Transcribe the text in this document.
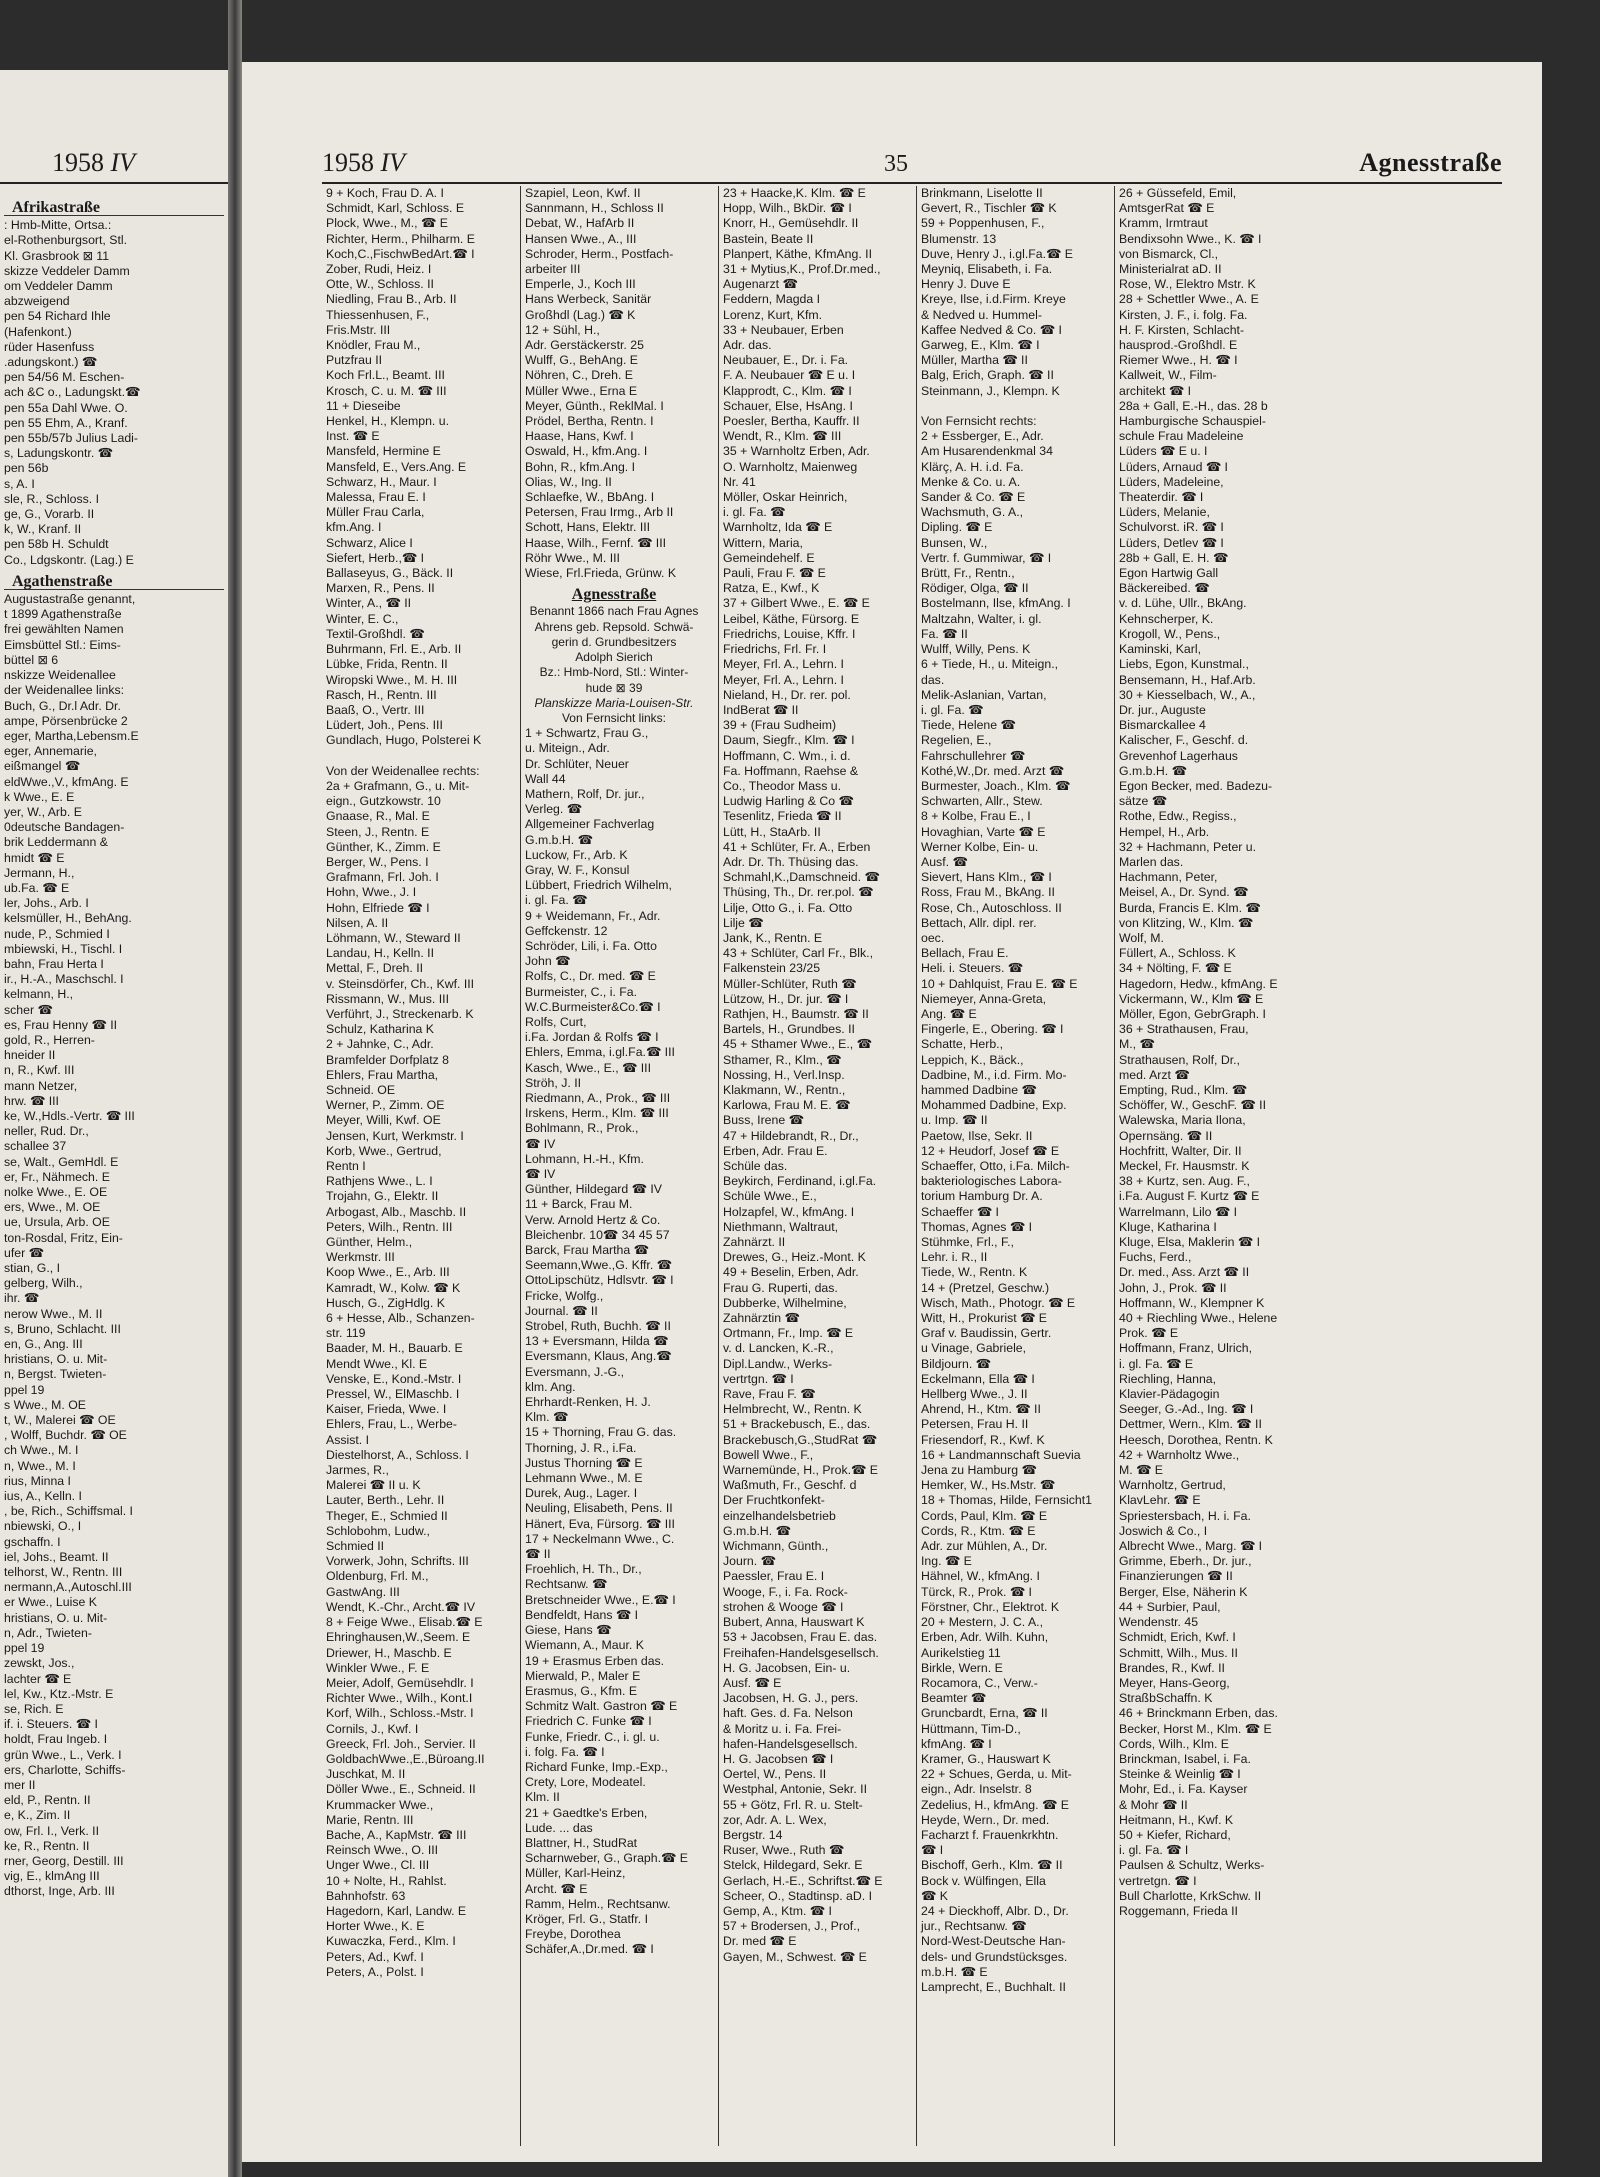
1958 IV
Afrikastraße
: Hmb-Mitte, Ortsa.:
el-Rothenburgsort, Stl.
Kl. Grasbrook ⊠ 11
skizze Veddeler Damm
om Veddeler Damm
abzweigend
pen 54 Richard Ihle
(Hafenkont.)
rüder Hasenfuss
.adungskont.) ☎
pen 54/56 M. Eschen-
ach &C o., Ladungskt.☎
pen 55a Dahl Wwe. O.
pen 55 Ehm, A., Kranf.
pen 55b/57b Julius Ladi-
s, Ladungskontr. ☎
pen 56b
s, A. I
sle, R., Schloss. I
ge, G., Vorarb. II
k, W., Kranf. II
pen 58b H. Schuldt
Co., Ldgskontr. (Lag.) E
Agathenstraße
Augustastraße genannt,
t 1899 Agathenstraße
frei gewählten Namen
Eimsbüttel Stl.: Eims-
büttel ⊠ 6
nskizze Weidenallee
der Weidenallee links:
Buch, G., Dr.l Adr. Dr.
ampe, Pörsenbrücke 2
eger, Martha,Lebensm.E
eger, Annemarie,
eißmangel ☎
eldWwe.,V., kfmAng. E
k Wwe., E. E
yer, W., Arb. E
0deutsche Bandagen-
brik Leddermann &
hmidt ☎ E
Jermann, H.,
ub.Fa. ☎ E
ler, Johs., Arb. I
kelsmüller, H., BehAng.
nude, P., Schmied I
mbiewski, H., Tischl. I
bahn, Frau Herta I
ir., H.-A., Maschschl. I
kelmann, H.,
scher ☎
es, Frau Henny ☎ II
gold, R., Herren-
hneider II
n, R., Kwf. III
mann Netzer,
hrw. ☎ III
ke, W.,Hdls.-Vertr. ☎ III
neller, Rud. Dr.,
schallee 37
se, Walt., GemHdl. E
er, Fr., Nähmech. E
nolke Wwe., E. OE
ers, Wwe., M. OE
ue, Ursula, Arb. OE
ton-Rosdal, Fritz, Ein-
ufer ☎
stian, G., I
gelberg, Wilh.,
ihr. ☎
nerow Wwe., M. II
s, Bruno, Schlacht. III
en, G., Ang. III
hristians, O. u. Mit-
n, Bergst. Twieten-
ppel 19
s Wwe., M. OE
t, W., Malerei ☎ OE
, Wolff, Buchdr. ☎ OE
ch Wwe., M. I
n, Wwe., M. I
rius, Minna I
ius, A., Kelln. I
, be, Rich., Schiffsmal. I
nbiewski, O., I
gschaffn. I
iel, Johs., Beamt. II
telhorst, W., Rentn. III
nermann,A.,Autoschl.III
er Wwe., Luise K
hristians, O. u. Mit-
n, Adr., Twieten-
ppel 19
zewskt, Jos.,
lachter ☎ E
lel, Kw., Ktz.-Mstr. E
se, Rich. E
if. i. Steuers. ☎ I
holdt, Frau Ingeb. I
grün Wwe., L., Verk. I
ers, Charlotte, Schiffs-
mer II
eld, P., Rentn. II
e, K., Zim. II
ow, Frl. I., Verk. II
ke, R., Rentn. II
rner, Georg, Destill. III
vig, E., klmAng III
dthorst, Inge, Arb. III
1958 IV	35	Agnesstraße
9 + Koch, Frau D. A. I
Schmidt, Karl, Schloss. E
Plock, Wwe., M., ☎ E
Richter, Herm., Philharm. E
Koch,C.,FischwBedArt.☎ I
Zober, Rudi, Heiz. I
Otte, W., Schloss. II
Niedling, Frau B., Arb. II
Thiessenhusen, F.,
Fris.Mstr. III
Knödler, Frau M.,
Putzfrau II
Koch Frl.L., Beamt. III
Krosch, C. u. M. ☎ III
11 + Dieseibe
Henkel, H., Klempn. u.
Inst. ☎ E
Mansfeld, Hermine E
Mansfeld, E., Vers.Ang. E
Schwarz, H., Maur. I
Malessa, Frau E. I
Müller Frau Carla,
kfm.Ang. I
Schwarz, Alice I
Siefert, Herb.,☎ I
Ballaseyus, G., Bäck. II
Marxen, R., Pens. II
Winter, A., ☎ II
Winter, E. C.,
Textil-Großhdl. ☎
Buhrmann, Frl. E., Arb. II
Lübke, Frida, Rentn. II
Wiropski Wwe., M. H. III
Rasch, H., Rentn. III
Baaß, O., Vertr. III
Lüdert, Joh., Pens. III
Gundlach, Hugo, Polsterei K

Von der Weidenallee rechts:
2a + Grafmann, G., u. Mit-
eign., Gutzkowstr. 10
Gnaase, R., Mal. E
Steen, J., Rentn. E
Günther, K., Zimm. E
Berger, W., Pens. I
Grafmann, Frl. Joh. I
Hohn, Wwe., J. I
Hohn, Elfriede ☎ I
Nilsen, A. II
Löhmann, W., Steward II
Landau, H., Kelln. II
Mettal, F., Dreh. II
v. Steinsdörfer, Ch., Kwf. III
Rissmann, W., Mus. III
Verführt, J., Streckenarb. K
Schulz, Katharina K
2 + Jahnke, C., Adr.
Bramfelder Dorfplatz 8
Ehlers, Frau Martha,
Schneid. OE
Werner, P., Zimm. OE
Meyer, Willi, Kwf. OE
Jensen, Kurt, Werkmstr. I
Korb, Wwe., Gertrud,
Rentn I
Rathjens Wwe., L. I
Trojahn, G., Elektr. II
Arbogast, Alb., Maschb. II
Peters, Wilh., Rentn. III
Günther, Helm.,
Werkmstr. III
Koop Wwe., E., Arb. III
Kamradt, W., Kolw. ☎ K
Husch, G., ZigHdlg. K
6 + Hesse, Alb., Schanzen-
str. 119
Baader, M. H., Bauarb. E
Mendt Wwe., Kl. E
Venske, E., Kond.-Mstr. I
Pressel, W., ElMaschb. I
Kaiser, Frieda, Wwe. I
Ehlers, Frau, L., Werbe-
Assist. I
Diestelhorst, A., Schloss. I
Jarmes, R.,
Malerei ☎ II u. K
Lauter, Berth., Lehr. II
Theger, E., Schmied II
Schlobohm, Ludw.,
Schmied II
Vorwerk, John, Schrifts. III
Oldenburg, Frl. M.,
GastwAng. III
Wendt, K.-Chr., Archt.☎ IV
8 + Feige Wwe., Elisab.☎ E
Ehringhausen,W.,Seem. E
Driewer, H., Maschb. E
Winkler Wwe., F. E
Meier, Adolf, Gemüsehdlr. I
Richter Wwe., Wilh., Kont.I
Korf, Wilh., Schloss.-Mstr. I
Cornils, J., Kwf. I
Greeck, Frl. Joh., Servier. II
GoldbachWwe.,E.,Büroang.II
Juschkat, M. II
Döller Wwe., E., Schneid. II
Krummacker Wwe.,
Marie, Rentn. III
Bache, A., KapMstr. ☎ III
Reinsch Wwe., O. III
Unger Wwe., Cl. III
10 + Nolte, H., Rahlst.
Bahnhofstr. 63
Hagedorn, Karl, Landw. E
Horter Wwe., K. E
Kuwaczka, Ferd., Klm. I
Peters, Ad., Kwf. I
Peters, A., Polst. I
Szapiel, Leon, Kwf. II
Sannmann, H., Schloss II
Debat, W., HafArb II
Hansen Wwe., A., III
Schroder, Herm., Postfach-
arbeiter III
Emperle, J., Koch III
Hans Werbeck, Sanitär
Großhdl (Lag.) ☎ K
12 + Sühl, H.,
Adr. Gerstäckerstr. 25
Wulff, G., BehAng. E
Nöhren, C., Dreh. E
Müller Wwe., Erna E
Meyer, Günth., ReklMal. I
Prödel, Bertha, Rentn. I
Haase, Hans, Kwf. I
Oswald, H., kfm.Ang. I
Bohn, R., kfm.Ang. I
Olias, W., Ing. II
Schlaefke, W., BbAng. I
Petersen, Frau Irmg., Arb II
Schott, Hans, Elektr. III
Haase, Wilh., Fernf. ☎ III
Röhr Wwe., M. III
Wiese, Frl.Frieda, Grünw. K
Agnesstraße
Benannt 1866 nach Frau Agnes
Ahrens geb. Repsold. Schwä-
gerin d. Grundbesitzers
Adolph Sierich
Bz.: Hmb-Nord, Stl.: Winter-
hude ⊠ 39
Planskizze Maria-Louisen-Str.
Von Fernsicht links:
1 + Schwartz, Frau G.,
u. Miteign., Adr.
Dr. Schlüter, Neuer
Wall 44
Mathern, Rolf, Dr. jur.,
Verleg. ☎
Allgemeiner Fachverlag
G.m.b.H. ☎
Luckow, Fr., Arb. K
Gray, W. F., Konsul
Lübbert, Friedrich Wilhelm,
i. gl. Fa. ☎
9 + Weidemann, Fr., Adr.
Geffckenstr. 12
Schröder, Lili, i. Fa. Otto
John ☎
Rolfs, C., Dr. med. ☎ E
Burmeister, C., i. Fa.
W.C.Burmeister&Co.☎ I
Rolfs, Curt,
i.Fa. Jordan & Rolfs ☎ I
Ehlers, Emma, i.gl.Fa.☎ III
Kasch, Wwe., E., ☎ III
Ströh, J. II
Riedmann, A., Prok., ☎ III
Irskens, Herm., Klm. ☎ III
Bohlmann, R., Prok.,
☎ IV
Lohmann, H.-H., Kfm.
☎ IV
Günther, Hildegard ☎ IV
11 + Barck, Frau M.
Verw. Arnold Hertz & Co.
Bleichenbr. 10☎ 34 45 57
Barck, Frau Martha ☎
Seemann,Wwe.,G. Kffr. ☎
OttoLipschütz, Hdlsvtr. ☎ I
Fricke, Wolfg.,
Journal. ☎ II
Strobel, Ruth, Buchh. ☎ II
13 + Eversmann, Hilda ☎
Eversmann, Klaus, Ang.☎
Eversmann, J.-G.,
klm. Ang.
Ehrhardt-Renken, H. J.
Klm. ☎
15 + Thorning, Frau G. das.
Thorning, J. R., i.Fa.
Justus Thorning ☎ E
Lehmann Wwe., M. E
Durek, Aug., Lager. I
Neuling, Elisabeth, Pens. II
Hänert, Eva, Fürsorg. ☎ III
17 + Neckelmann Wwe., C.
☎ II
Froehlich, H. Th., Dr.,
Rechtsanw. ☎
Bretschneider Wwe., E.☎ I
Bendfeldt, Hans ☎ I
Giese, Hans ☎
Wiemann, A., Maur. K
19 + Erasmus Erben das.
Mierwald, P., Maler E
Erasmus, G., Kfm. E
Schmitz Walt. Gastron ☎ E
Friedrich C. Funke ☎ I
Funke, Friedr. C., i. gl. u.
i. folg. Fa. ☎ I
Richard Funke, Imp.-Exp.,
Crety, Lore, Modeatel.
Klm. II
21 + Gaedtke's Erben,
Lude. ... das
Blattner, H., StudRat
Scharnweber, G., Graph.☎ E
Müller, Karl-Heinz,
Archt. ☎ E
Ramm, Helm., Rechtsanw.
Kröger, Frl. G., Statfr. I
Freybe, Dorothea
Schäfer,A.,Dr.med. ☎ I
23 + Haacke,K. Klm. ☎ E
Hopp, Wilh., BkDir. ☎ I
Knorr, H., Gemüsehdlr. II
Bastein, Beate II
Planpert, Käthe, KfmAng. II
31 + Mytius,K., Prof.Dr.med.,
Augenarzt ☎
Feddern, Magda I
Lorenz, Kurt, Kfm.
33 + Neubauer, Erben
Adr. das.
Neubauer, E., Dr. i. Fa.
F. A. Neubauer ☎ E u. I
Klapprodt, C., Klm. ☎ I
Schauer, Else, HsAng. I
Poesler, Bertha, Kauffr. II
Wendt, R., Klm. ☎ III
35 + Warnholtz Erben, Adr.
O. Warnholtz, Maienweg
Nr. 41
Möller, Oskar Heinrich,
i. gl. Fa. ☎
Warnholtz, Ida ☎ E
Wittern, Maria,
Gemeindehelf. E
Pauli, Frau F. ☎ E
Ratza, E., Kwf., K
37 + Gilbert Wwe., E. ☎ E
Leibel, Käthe, Fürsorg. E
Friedrichs, Louise, Kffr. I
Friedrichs, Frl. Fr. I
Meyer, Frl. A., Lehrn. I
Meyer, Frl. A., Lehrn. I
Nieland, H., Dr. rer. pol.
IndBerat ☎ II
39 + (Frau Sudheim)
Daum, Siegfr., Klm. ☎ I
Hoffmann, C. Wm., i. d.
Fa. Hoffmann, Raehse &
Co., Theodor Mass u.
Ludwig Harling & Co ☎
Tesenlitz, Frieda ☎ II
Lütt, H., StaArb. II
41 + Schlüter, Fr. A., Erben
Adr. Dr. Th. Thüsing das.
Schmahl,K.,Damschneid. ☎
Thüsing, Th., Dr. rer.pol. ☎
Lilje, Otto G., i. Fa. Otto
Lilje ☎
Jank, K., Rentn. E
43 + Schlüter, Carl Fr., Blk.,
Falkenstein 23/25
Müller-Schlüter, Ruth ☎
Lützow, H., Dr. jur. ☎ I
Rathjen, H., Baumstr. ☎ II
Bartels, H., Grundbes. II
45 + Sthamer Wwe., E., ☎
Sthamer, R., Klm., ☎
Nossing, H., Verl.Insp.
Klakmann, W., Rentn.,
Karlowa, Frau M. E. ☎
Buss, Irene ☎
47 + Hildebrandt, R., Dr.,
Erben, Adr. Frau E.
Schüle das.
Beykirch, Ferdinand, i.gl.Fa.
Schüle Wwe., E.,
Holzapfel, W., kfmAng. I
Niethmann, Waltraut,
Zahnärzt. II
Drewes, G., Heiz.-Mont. K
49 + Beselin, Erben, Adr.
Frau G. Ruperti, das.
Dubberke, Wilhelmine,
Zahnärztin ☎
Ortmann, Fr., Imp. ☎ E
v. d. Lancken, K.-R.,
Dipl.Landw., Werks-
vertrtgn. ☎ I
Rave, Frau F. ☎
Helmbrecht, W., Rentn. K
51 + Brackebusch, E., das.
Brackebusch,G.,StudRat ☎
Bowell Wwe., F.,
Warnemünde, H., Prok.☎ E
Waßmuth, Fr., Geschf. d
Der Fruchtkonfekt-
einzelhandelsbetrieb
G.m.b.H. ☎
Wichmann, Günth.,
Journ. ☎
Paessler, Frau E. I
Wooge, F., i. Fa. Rock-
strohen & Wooge ☎ I
Bubert, Anna, Hauswart K
53 + Jacobsen, Frau E. das.
Freihafen-Handelsgesellsch.
H. G. Jacobsen, Ein- u.
Ausf. ☎ E
Jacobsen, H. G. J., pers.
haft. Ges. d. Fa. Nelson
& Moritz u. i. Fa. Frei-
hafen-Handelsgesellsch.
H. G. Jacobsen ☎ I
Oertel, W., Pens. II
Westphal, Antonie, Sekr. II
55 + Götz, Frl. R. u. Stelt-
zor, Adr. A. L. Wex,
Bergstr. 14
Ruser, Wwe., Ruth ☎
Stelck, Hildegard, Sekr. E
Gerlach, H.-E., Schriftst.☎ E
Scheer, O., Stadtinsp. aD. I
Gemp, A., Ktm. ☎ I
57 + Brodersen, J., Prof.,
Dr. med ☎ E
Gayen, M., Schwest. ☎ E
Brinkmann, Liselotte II
Gevert, R., Tischler ☎ K
59 + Poppenhusen, F.,
Blumenstr. 13
Duve, Henry J., i.gl.Fa.☎ E
Meyniq, Elisabeth, i. Fa.
Henry J. Duve E
Kreye, Ilse, i.d.Firm. Kreye
& Nedved u. Hummel-
Kaffee Nedved & Co. ☎ I
Garweg, E., Klm. ☎ I
Müller, Martha ☎ II
Balg, Erich, Graph. ☎ II
Steinmann, J., Klempn. K

Von Fernsicht rechts:
2 + Essberger, E., Adr.
Am Husarendenkmal 34
Klärç, A. H. i.d. Fa.
Menke & Co. u. A.
Sander & Co. ☎ E
Wachsmuth, G. A.,
Dipling. ☎ E
Bunsen, W.,
Vertr. f. Gummiwar, ☎ I
Brütt, Fr., Rentn.,
Rödiger, Olga, ☎ II
Bostelmann, Ilse, kfmAng. I
Maltzahn, Walter, i. gl.
Fa. ☎ II
Wulff, Willy, Pens. K
6 + Tiede, H., u. Miteign.,
das.
Melik-Aslanian, Vartan,
i. gl. Fa. ☎
Tiede, Helene ☎
Regelien, E.,
Fahrschullehrer ☎
Kothé,W.,Dr. med. Arzt ☎
Burmester, Joach., Klm. ☎
Schwarten, Allr., Stew.
8 + Kolbe, Frau E., I
Hovaghian, Varte ☎ E
Werner Kolbe, Ein- u.
Ausf. ☎
Sievert, Hans Klm., ☎ I
Ross, Frau M., BkAng. II
Rose, Ch., Autoschloss. II
Bettach, Allr. dipl. rer.
oec.
Bellach, Frau E.
Heli. i. Steuers. ☎
10 + Dahlquist, Frau E. ☎ E
Niemeyer, Anna-Greta,
Ang. ☎ E
Fingerle, E., Obering. ☎ I
Schatte, Herb.,
Leppich, K., Bäck.,
Dadbine, M., i.d. Firm. Mo-
hammed Dadbine ☎
Mohammed Dadbine, Exp.
u. Imp. ☎ II
Paetow, Ilse, Sekr. II
12 + Heudorf, Josef ☎ E
Schaeffer, Otto, i.Fa. Milch-
bakteriologisches Labora-
torium Hamburg Dr. A.
Schaeffer ☎ I
Thomas, Agnes ☎ I
Stühmke, Frl., F.,
Lehr. i. R., II
Tiede, W., Rentn. K
14 + (Pretzel, Geschw.)
Wisch, Math., Photogr. ☎ E
Witt, H., Prokurist ☎ E
Graf v. Baudissin, Gertr.
u Vinage, Gabriele,
Bildjourn. ☎
Eckelmann, Ella ☎ I
Hellberg Wwe., J. II
Ahrend, H., Ktm. ☎ II
Petersen, Frau H. II
Friesendorf, R., Kwf. K
16 + Landmannschaft Suevia
Jena zu Hamburg ☎
Hemker, W., Hs.Mstr. ☎
18 + Thomas, Hilde, Fernsicht1
Cords, Paul, Klm. ☎ E
Cords, R., Ktm. ☎ E
Adr. zur Mühlen, A., Dr.
Ing. ☎ E
Hähnel, W., kfmAng. I
Türck, R., Prok. ☎ I
Förstner, Chr., Elektrot. K
20 + Mestern, J. C. A.,
Erben, Adr. Wilh. Kuhn,
Aurikelstieg 11
Birkle, Wern. E
Rocamora, C., Verw.-
Beamter ☎
Gruncbardt, Erna, ☎ II
Hüttmann, Tim-D.,
kfmAng. ☎ I
Kramer, G., Hauswart K
22 + Schues, Gerda, u. Mit-
eign., Adr. Inselstr. 8
Zedelius, H., kfmAng. ☎ E
Heyde, Wern., Dr. med.
Facharzt f. Frauenkrkhtn.
☎ I
Bischoff, Gerh., Klm. ☎ II
Bock v. Wülfingen, Ella
☎ K
24 + Dieckhoff, Albr. D., Dr.
jur., Rechtsanw. ☎
Nord-West-Deutsche Han-
dels- und Grundstücksges.
m.b.H. ☎ E
Lamprecht, E., Buchhalt. II
26 + Güssefeld, Emil,
AmtsgerRat ☎ E
Kramm, Irmtraut
Bendixsohn Wwe., K. ☎ I
von Bismarck, Cl.,
Ministerialrat aD. II
Rose, W., Elektro Mstr. K
28 + Schettler Wwe., A. E
Kirsten, J. F., i. folg. Fa.
H. F. Kirsten, Schlacht-
hausprod.-Großhdl. E
Riemer Wwe., H. ☎ I
Kallweit, W., Film-
architekt ☎ I
28a + Gall, E.-H., das. 28 b
Hamburgische Schauspiel-
schule Frau Madeleine
Lüders ☎ E u. I
Lüders, Arnaud ☎ I
Lüders, Madeleine,
Theaterdir. ☎ I
Lüders, Melanie,
Schulvorst. iR. ☎ I
Lüders, Detlev ☎ I
28b + Gall, E. H. ☎
Egon Hartwig Gall
Bäckereibed. ☎
v. d. Lühe, Ullr., BkAng.
Kehnscherper, K.
Krogoll, W., Pens.,
Kaminski, Karl,
Liebs, Egon, Kunstmal.,
Bensemann, H., Haf.Arb.
30 + Kiesselbach, W., A.,
Dr. jur., Auguste
Bismarckallee 4
Kalischer, F., Geschf. d.
Grevenhof Lagerhaus
G.m.b.H. ☎
Egon Becker, med. Badezu-
sätze ☎
Rothe, Edw., Regiss.,
Hempel, H., Arb.
32 + Hachmann, Peter u.
Marlen das.
Hachmann, Peter,
Meisel, A., Dr. Synd. ☎
Burda, Francis E. Klm. ☎
von Klitzing, W., Klm. ☎
Wolf, M.
Füllert, A., Schloss. K
34 + Nölting, F. ☎ E
Hagedorn, Hedw., kfmAng. E
Vickermann, W., Klm ☎ E
Möller, Egon, GebrGraph. I
36 + Strathausen, Frau,
M., ☎
Strathausen, Rolf, Dr.,
med. Arzt ☎
Empting, Rud., Klm. ☎
Schöffer, W., GeschF. ☎ II
Walewska, Maria Ilona,
Opernsäng. ☎ II
Hochfritt, Walter, Dir. II
Meckel, Fr. Hausmstr. K
38 + Kurtz, sen. Aug. F.,
i.Fa. August F. Kurtz ☎ E
Warrelmann, Lilo ☎ I
Kluge, Katharina I
Kluge, Elsa, Maklerin ☎ I
Fuchs, Ferd.,
Dr. med., Ass. Arzt ☎ II
John, J., Prok. ☎ II
Hoffmann, W., Klempner K
40 + Riechling Wwe., Helene
Prok. ☎ E
Hoffmann, Franz, Ulrich,
i. gl. Fa. ☎ E
Riechling, Hanna,
Klavier-Pädagogin
Seeger, G.-Ad., Ing. ☎ I
Dettmer, Wern., Klm. ☎ II
Heesch, Dorothea, Rentn. K
42 + Warnholtz Wwe.,
M. ☎ E
Warnholtz, Gertrud,
KlavLehr. ☎ E
Spriestersbach, H. i. Fa.
Joswich & Co., I
Albrecht Wwe., Marg. ☎ I
Grimme, Eberh., Dr. jur.,
Finanzierungen ☎ II
Berger, Else, Näherin K
44 + Surbier, Paul,
Wendenstr. 45
Schmidt, Erich, Kwf. I
Schmitt, Wilh., Mus. II
Brandes, R., Kwf. II
Meyer, Hans-Georg,
StraßbSchaffn. K
46 + Brinckmann Erben, das.
Becker, Horst M., Klm. ☎ E
Cords, Wilh., Klm. E
Brinckman, Isabel, i. Fa.
Steinke & Weinlig ☎ I
Mohr, Ed., i. Fa. Kayser
& Mohr ☎ II
Heitmann, H., Kwf. K
50 + Kiefer, Richard,
i. gl. Fa. ☎ I
Paulsen & Schultz, Werks-
vertretgn. ☎ I
Bull Charlotte, KrkSchw. II
Roggemann, Frieda II
